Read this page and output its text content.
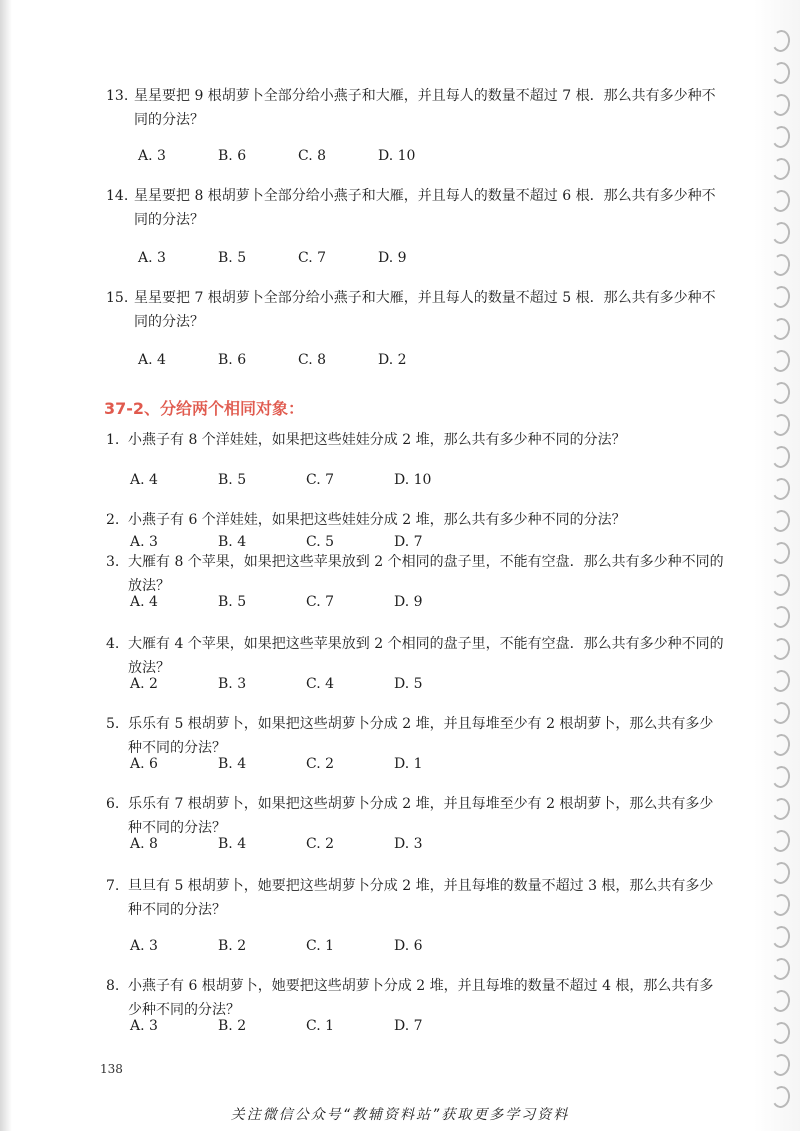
13. 星星要把 9 根胡萝卜全部分给小燕子和大雁，并且每人的数量不超过 7 根．那么共有多少种不同的分法？
A. 3	B. 6	C. 8	D. 10
14. 星星要把 8 根胡萝卜全部分给小燕子和大雁，并且每人的数量不超过 6 根．那么共有多少种不同的分法？
A. 3	B. 5	C. 7	D. 9
15. 星星要把 7 根胡萝卜全部分给小燕子和大雁，并且每人的数量不超过 5 根．那么共有多少种不同的分法？
A. 4	B. 6	C. 8	D. 2
37-2、分给两个相同对象：
1. 小燕子有 8 个洋娃娃，如果把这些娃娃分成 2 堆，那么共有多少种不同的分法？
A. 4	B. 5	C. 7	D. 10
2. 小燕子有 6 个洋娃娃，如果把这些娃娃分成 2 堆，那么共有多少种不同的分法？
A. 3	B. 4	C. 5	D. 7
3. 大雁有 8 个苹果，如果把这些苹果放到 2 个相同的盘子里，不能有空盘．那么共有多少种不同的放法？
A. 4	B. 5	C. 7	D. 9
4. 大雁有 4 个苹果，如果把这些苹果放到 2 个相同的盘子里，不能有空盘．那么共有多少种不同的放法？
A. 2	B. 3	C. 4	D. 5
5. 乐乐有 5 根胡萝卜，如果把这些胡萝卜分成 2 堆，并且每堆至少有 2 根胡萝卜，那么共有多少种不同的分法？
A. 6	B. 4	C. 2	D. 1
6. 乐乐有 7 根胡萝卜，如果把这些胡萝卜分成 2 堆，并且每堆至少有 2 根胡萝卜，那么共有多少种不同的分法？
A. 8	B. 4	C. 2	D. 3
7. 旦旦有 5 根胡萝卜，她要把这些胡萝卜分成 2 堆，并且每堆的数量不超过 3 根，那么共有多少种不同的分法？
A. 3	B. 2	C. 1	D. 6
8. 小燕子有 6 根胡萝卜，她要把这些胡萝卜分成 2 堆，并且每堆的数量不超过 4 根，那么共有多少种不同的分法？
A. 3	B. 2	C. 1	D. 7
138
关注微信公众号“教辅资料站”获取更多学习资料
